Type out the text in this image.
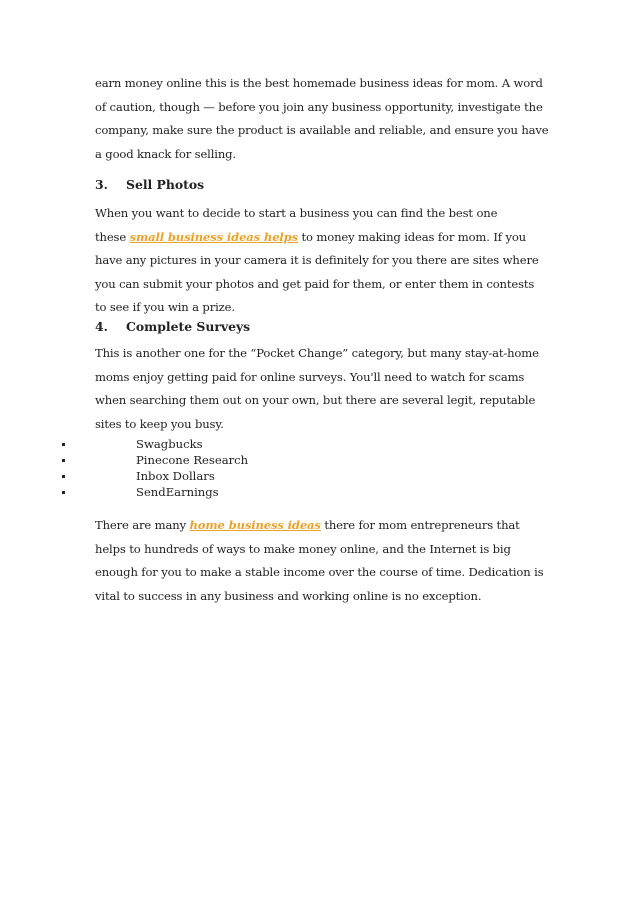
earn money online this is the best homemade business ideas for mom. A word
of caution, though — before you join any business opportunity, investigate the
company, make sure the product is available and reliable, and ensure you have
a good knack for selling.

3. Sell Photos

When you want to decide to start a business you can find the best one
these small business ideas helps to money making ideas for mom. If you
have any pictures in your camera it is definitely for you there are sites where
you can submit your photos and get paid for them, or enter them in contests
to see if you win a prize.

4. Complete Surveys

This is another one for the “Pocket Change” category, but many stay-at-home
moms enjoy getting paid for online surveys. You'll need to watch for scams
when searching them out on your own, but there are several legit, reputable
sites to keep you busy.

Swagbucks
Pinecone Research
Inbox Dollars
SendEarnings

There are many home business ideas there for mom entrepreneurs that
helps to hundreds of ways to make money online, and the Internet is big
enough for you to make a stable income over the course of time. Dedication is
vital to success in any business and working online is no exception.
